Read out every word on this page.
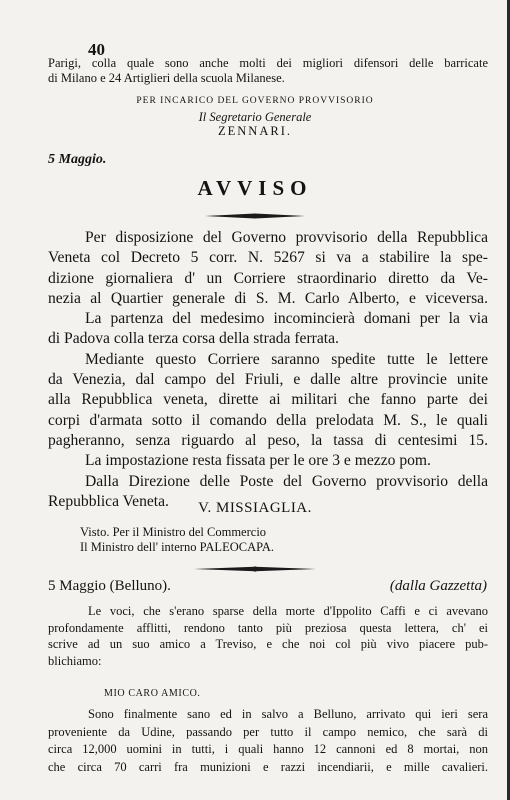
40
Parigi, colla quale sono anche molti dei migliori difensori delle barricate
di Milano e 24 Artiglieri della scuola Milanese.
PER INCARICO DEL GOVERNO PROVVISORIO
Il Segretario Generale
ZENNARI.
5 Maggio.
AVVISO
Per disposizione del Governo provvisorio della Repubblica
Veneta col Decreto 5 corr. N. 5267 si va a stabilire la spe-
dizione giornaliera d' un Corriere straordinario diretto da Ve-
nezia al Quartier generale di S. M. Carlo Alberto, e viceversa.
La partenza del medesimo incomincierà domani per la via
di Padova colla terza corsa della strada ferrata.
Mediante questo Corriere saranno spedite tutte le lettere
da Venezia, dal campo del Friuli, e dalle altre provincie unite
alla Repubblica veneta, dirette ai militari che fanno parte dei
corpi d'armata sotto il comando della prelodata M. S., le quali
pagheranno, senza riguardo al peso, la tassa di centesimi 15.
La impostazione resta fissata per le ore 3 e mezzo pom.
Dalla Direzione delle Poste del Governo provvisorio della
Repubblica Veneta.	V. MISSIAGLIA.
Visto. Per il Ministro del Commercio
Il Ministro dell' interno PALEOCAPA.
5 Maggio (Belluno).	(dalla Gazzetta)
Le voci, che s'erano sparse della morte d'Ippolito Caffi e ci avevano
profondamente afflitti, rendono tanto più preziosa questa lettera, ch' ei
scrive ad un suo amico a Treviso, e che noi col più vivo piacere pub-
blichiamo:
MIO CARO AMICO.
Sono finalmente sano ed in salvo a Belluno, arrivato qui ieri sera
proveniente da Udine, passando per tutto il campo nemico, che sarà di
circa 12,000 uomini in tutti, i quali hanno 12 cannoni ed 8 mortai, non
che circa 70 carri fra munizioni e razzi incendiarii, e mille cavalieri.
